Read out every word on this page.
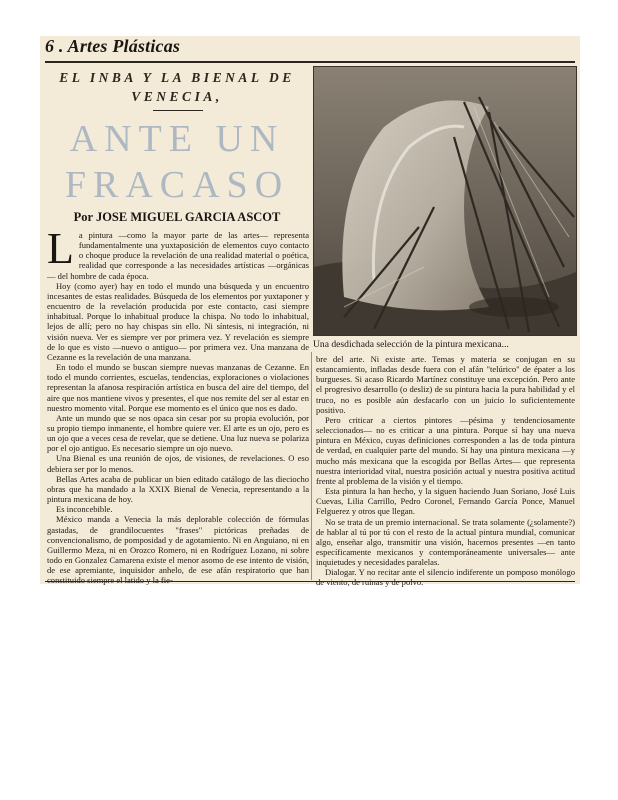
6 . Artes Plásticas
EL INBA Y LA BIENAL DE VENECIA,
ANTE UN FRACASO
Por JOSE MIGUEL GARCIA ASCOT

La pintura —como la mayor parte de las artes— representa fundamentalmente una yuxtaposición de elementos cuyo contacto o choque produce la revelación de una realidad material o poética, realidad que corresponde a las necesidades artísticas —orgánicas— del hombre de cada época.

Hoy (como ayer) hay en todo el mundo una búsqueda y un encuentro incesantes de estas realidades. Búsqueda de los elementos por yuxtaponer y encuentro de la revelación producida por este contacto, casi siempre inhabitual. Porque lo inhabitual produce la chispa. No todo lo inhabitual, lejos de allí; pero no hay chispas sin ello. Ni síntesis, ni integración, ni visión nueva. Ver es siempre ver por primera vez. Y revelación es siempre de lo que es visto —nuevo o antiguo— por primera vez. Una manzana de Cezanne es la revelación de una manzana.

En todo el mundo se buscan siempre nuevas manzanas de Cezanne. En todo el mundo corrientes, escuelas, tendencias, exploraciones o violaciones representan la afanosa respiración artística en busca del aire del tiempo, del aire que nos mantiene vivos y presentes, el que nos remite del ser al estar en nuestro momento vital. Porque ese momento es el único que nos es dado.

Ante un mundo que se nos opaca sin cesar por su propia evolución, por su propio tiempo inmanente, el hombre quiere ver. El arte es un ojo, pero es un ojo que a veces cesa de revelar, que se detiene. Una luz nueva se polariza por el ojo antiguo. Es necesario siempre un ojo nuevo.

Una Bienal es una reunión de ojos, de visiones, de revelaciones. O eso debiera ser por lo menos.

Bellas Artes acaba de publicar un bien editado catálogo de las dieciocho obras que ha mandado a la XXIX Bienal de Venecia, representando a la pintura mexicana de hoy.

Es inconcebible.

México manda a Venecia la más deplorable colección de fórmulas gastadas, de grandilocuentes "frases" pictóricas preñadas de convencionalismo, de pomposidad y de agotamiento. Ni en Anguiano, ni en Guillermo Meza, ni en Orozco Romero, ni en Rodríguez Lozano, ni sobre todo en Gonzalez Camarena existe el menor asomo de ese intento de visión, de ese apremiante, inquisidor anhelo, de ese afán respiratorio que han constituido siempre el latido y la fie-

Una desdichada selección de la pintura mexicana...

bre del arte. Ni existe arte. Temas y materia se conjugan en su estancamiento, infladas desde fuera con el afán "telúrico" de épater a los burgueses. Si acaso Ricardo Martínez constituye una excepción. Pero ante el progresivo desarrollo (o desliz) de su pintura hacia la pura habilidad y el truco, no es posible aún desfacarlo con un juicio lo suficientemente positivo.

Pero criticar a ciertos pintores —pésima y tendenciosamente seleccionados— no es criticar a una pintura. Porque sí hay una nueva pintura en México, cuyas definiciones corresponden a las de toda pintura de verdad, en cualquier parte del mundo. Sí hay una pintura mexicana —y mucho más mexicana que la escogida por Bellas Artes— que representa nuestra interioridad vital, nuestra posición actual y nuestra positiva actitud frente al problema de la visión y el tiempo.

Esta pintura la han hecho, y la siguen haciendo Juan Soriano, José Luis Cuevas, Lilia Carrillo, Pedro Coronel, Fernando García Ponce, Manuel Felguerez y otros que llegan.

No se trata de un premio internacional. Se trata solamente (¿solamente?) de hablar al tú por tú con el resto de la actual pintura mundial, comunicar algo, enseñar algo, transmitir una visión, hacernos presentes —en tanto específicamente mexicanos y contemporáneamente universales— ante inquietudes y necesidades paralelas.

Dialogar. Y no recitar ante el silencio indiferente un pomposo monólogo de viento, de ruinas y de polvo.
